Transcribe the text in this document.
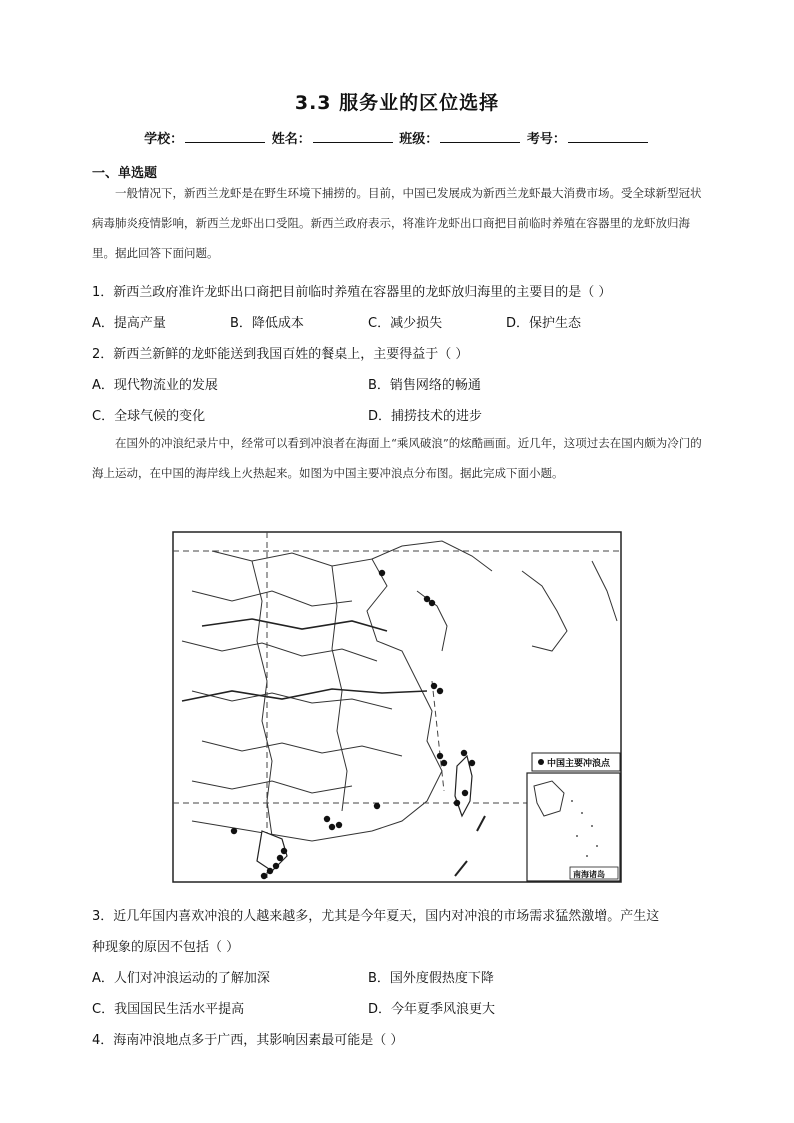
3.3 服务业的区位选择
学校：	姓名：	班级：	考号：
一、单选题
一般情况下，新西兰龙虾是在野生环境下捕捞的。目前，中国已发展成为新西兰龙虾最大消费市场。受全球新型冠状病毒肺炎疫情影响，新西兰龙虾出口受阻。新西兰政府表示，将准许龙虾出口商把目前临时养殖在容器里的龙虾放归海里。据此回答下面问题。
1．新西兰政府准许龙虾出口商把目前临时养殖在容器里的龙虾放归海里的主要目的是（ ）
A．提高产量	B．降低成本	C．减少损失	D．保护生态
2．新西兰新鲜的龙虾能送到我国百姓的餐桌上，主要得益于（ ）
A．现代物流业的发展	B．销售网络的畅通
C．全球气候的变化	D．捕捞技术的进步
在国外的冲浪纪录片中，经常可以看到冲浪者在海面上“乘风破浪”的炫酷画面。近几年，这项过去在国内颇为冷门的海上运动，在中国的海岸线上火热起来。如图为中国主要冲浪点分布图。据此完成下面小题。
中国主要冲浪点
南海诸岛
3．近几年国内喜欢冲浪的人越来越多，尤其是今年夏天，国内对冲浪的市场需求猛然激增。产生这
种现象的原因不包括（ ）
A．人们对冲浪运动的了解加深	B．国外度假热度下降
C．我国国民生活水平提高	D．今年夏季风浪更大
4．海南冲浪地点多于广西，其影响因素最可能是（ ）
